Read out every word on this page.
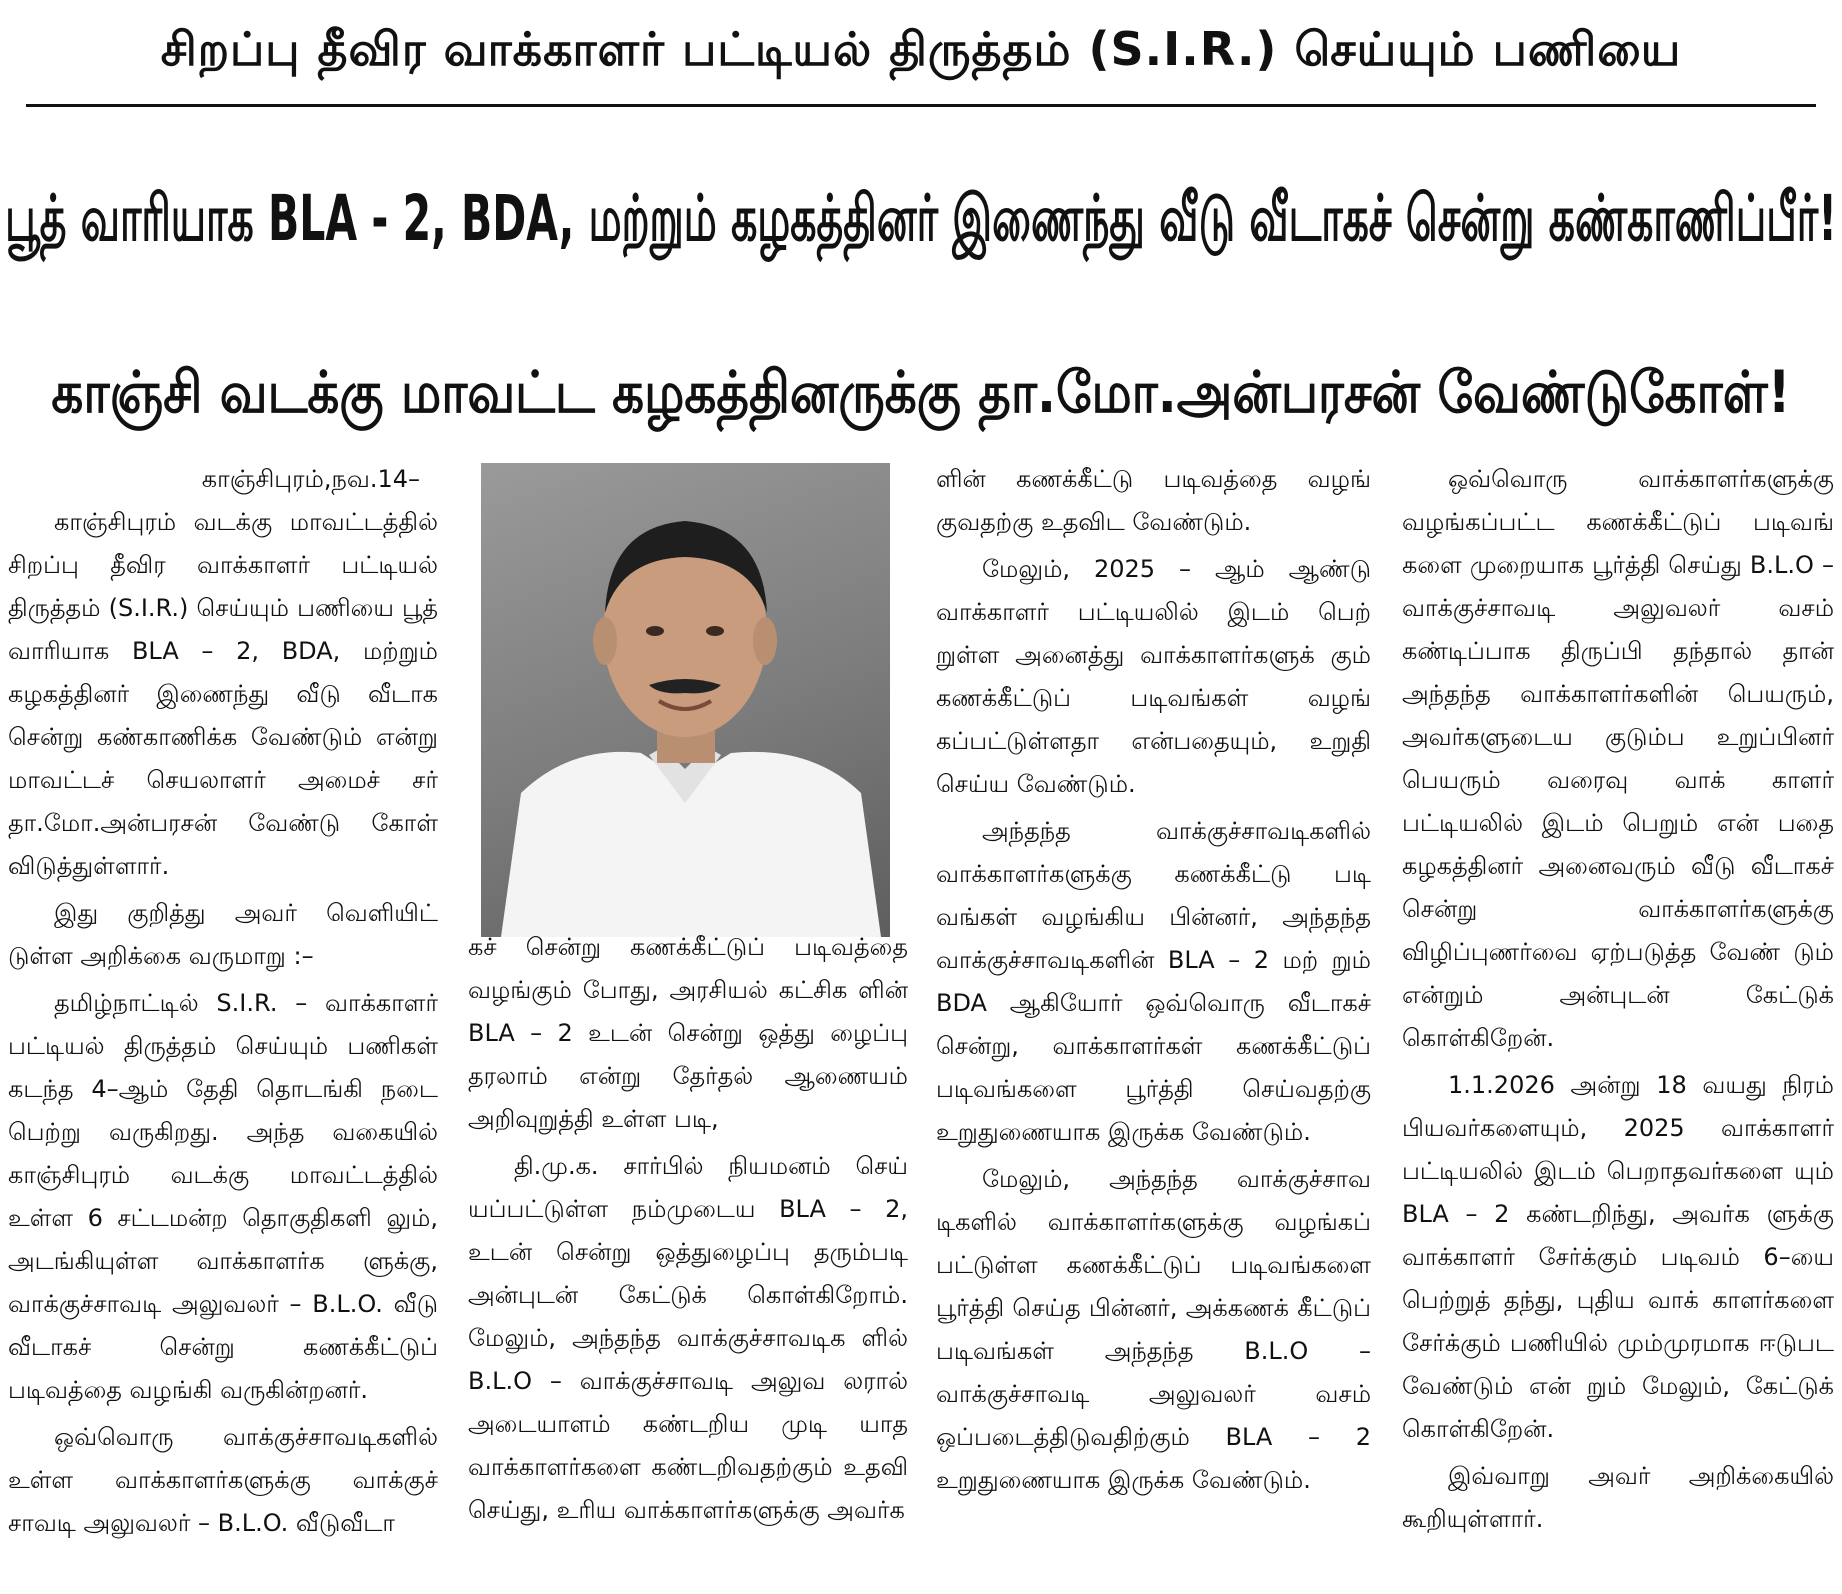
சிறப்பு தீவிர வாக்காளர் பட்டியல் திருத்தம் (S.I.R.) செய்யும் பணியை
பூத் வாரியாக BLA - 2, BDA, மற்றும் கழகத்தினர் இணைந்து வீடு வீடாகச் சென்று கண்காணிப்பீர்!
காஞ்சி வடக்கு மாவட்ட கழகத்தினருக்கு தா.மோ.அன்பரசன் வேண்டுகோள்!

காஞ்சிபுரம்,நவ.14–

காஞ்சிபுரம் வடக்கு மாவட்டத்தில் சிறப்பு தீவிர வாக்காளர் பட்டியல் திருத்தம் (S.I.R.) செய்யும் பணியை பூத் வாரியாக BLA – 2, BDA, மற்றும் கழகத்தினர் இணைந்து வீடு வீடாக சென்று கண்காணிக்க வேண்டும் என்று மாவட்டச் செயலாளர் அமைச் சர் தா.மோ.அன்பரசன் வேண்டு கோள் விடுத்துள்ளார்.

இது குறித்து அவர் வெளியிட் டுள்ள அறிக்கை வருமாறு :–

தமிழ்நாட்டில் S.I.R. – வாக்காளர் பட்டியல் திருத்தம் செய்யும் பணிகள் கடந்த 4–ஆம் தேதி தொடங்கி நடை பெற்று வருகிறது. அந்த வகையில் காஞ்சிபுரம் வடக்கு மாவட்டத்தில் உள்ள 6 சட்டமன்ற தொகுதிகளி லும், அடங்கியுள்ள வாக்காளர்க ளுக்கு, வாக்குச்சாவடி அலுவலர் – B.L.O. வீடு வீடாகச் சென்று கணக்கீட்டுப் படிவத்தை வழங்கி வருகின்றனர்.

ஒவ்வொரு வாக்குச்சாவடிகளில் உள்ள வாக்காளர்களுக்கு வாக்குச் சாவடி அலுவலர் – B.L.O. வீடுவீடா

கச் சென்று கணக்கீட்டுப் படிவத்தை வழங்கும் போது, அரசியல் கட்சிக ளின் BLA – 2 உடன் சென்று ஒத்து ழைப்பு தரலாம் என்று தேர்தல் ஆணையம் அறிவுறுத்தி உள்ள படி,

தி.மு.க. சார்பில் நியமனம் செய் யப்பட்டுள்ள நம்முடைய BLA – 2, உடன் சென்று ஒத்துழைப்பு தரும்படி அன்புடன் கேட்டுக் கொள்கிறோம். மேலும், அந்தந்த வாக்குச்சாவடிக ளில் B.L.O – வாக்குச்சாவடி அலுவ லரால் அடையாளம் கண்டறிய முடி யாத வாக்காளர்களை கண்டறிவதற்கும் உதவி செய்து, உரிய வாக்காளர்களுக்கு அவர்க

ளின் கணக்கீட்டு படிவத்தை வழங் குவதற்கு உதவிட வேண்டும்.

மேலும், 2025 – ஆம் ஆண்டு வாக்காளர் பட்டியலில் இடம் பெற் றுள்ள அனைத்து வாக்காளர்களுக் கும் கணக்கீட்டுப் படிவங்கள் வழங் கப்பட்டுள்ளதா என்பதையும், உறுதி செய்ய வேண்டும்.

அந்தந்த வாக்குச்சாவடிகளில் வாக்காளர்களுக்கு கணக்கீட்டு படி வங்கள் வழங்கிய பின்னர், அந்தந்த வாக்குச்சாவடிகளின் BLA – 2 மற் றும் BDA ஆகியோர் ஒவ்வொரு வீடாகச் சென்று, வாக்காளர்கள் கணக்கீட்டுப் படிவங்களை பூர்த்தி செய்வதற்கு உறுதுணையாக இருக்க வேண்டும்.

மேலும், அந்தந்த வாக்குச்சாவ டிகளில் வாக்காளர்களுக்கு வழங்கப் பட்டுள்ள கணக்கீட்டுப் படிவங்களை பூர்த்தி செய்த பின்னர், அக்கணக் கீட்டுப் படிவங்கள் அந்தந்த B.L.O – வாக்குச்சாவடி அலுவலர் வசம் ஒப்படைத்திடுவதிற்கும் BLA – 2 உறுதுணையாக இருக்க வேண்டும்.

ஒவ்வொரு வாக்காளர்களுக்கு வழங்கப்பட்ட கணக்கீட்டுப் படிவங் களை முறையாக பூர்த்தி செய்து B.L.O – வாக்குச்சாவடி அலுவலர் வசம் கண்டிப்பாக திருப்பி தந்தால் தான் அந்தந்த வாக்காளர்களின் பெயரும், அவர்களுடைய குடும்ப உறுப்பினர் பெயரும் வரைவு வாக் காளர் பட்டியலில் இடம் பெறும் என் பதை கழகத்தினர் அனைவரும் வீடு வீடாகச் சென்று வாக்காளர்களுக்கு விழிப்புணர்வை ஏற்படுத்த வேண் டும் என்றும் அன்புடன் கேட்டுக் கொள்கிறேன்.

1.1.2026 அன்று 18 வயது நிரம் பியவர்களையும், 2025 வாக்காளர் பட்டியலில் இடம் பெறாதவர்களை யும் BLA – 2 கண்டறிந்து, அவர்க ளுக்கு வாக்காளர் சேர்க்கும் படிவம் 6–யை பெற்றுத் தந்து, புதிய வாக் காளர்களை சேர்க்கும் பணியில் மும்முரமாக ஈடுபட வேண்டும் என் றும் மேலும், கேட்டுக் கொள்கிறேன்.

இவ்வாறு அவர் அறிக்கையில் கூறியுள்ளார்.
